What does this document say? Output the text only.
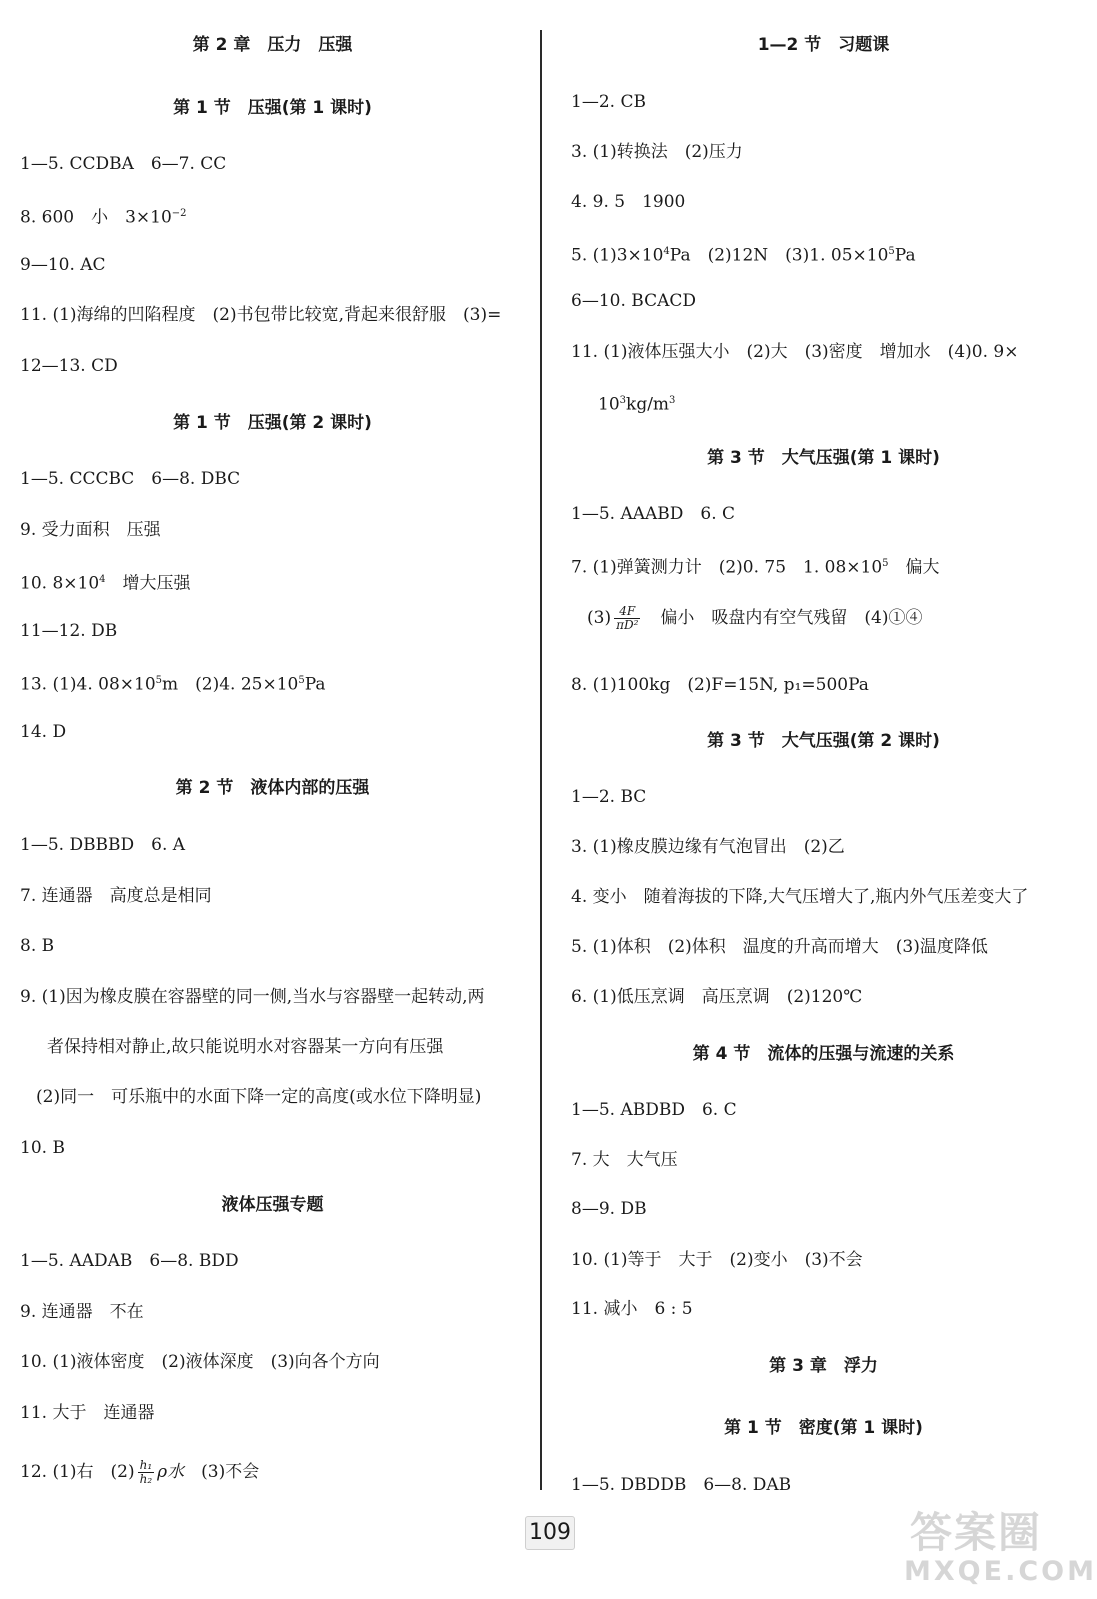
第 2 章　压力　压强
第 1 节　压强(第 1 课时)
1—5. CCDBA　6—7. CC
8. 600　小　$3\times 10^{-2}$
9—10. AC
11. (1)海绵的凹陷程度　(2)书包带比较宽,背起来很舒服　(3)=
12—13. CD
第 1 节　压强(第 2 课时)
1—5. CCCBC　6—8. DBC
9. 受力面积　压强
10. $8\times 10^4$　增大压强
11—12. DB
13. (1)4. $08\times 10^5m$　(2)4. $25\times 10^5Pa$
14. D
第 2 节　液体内部的压强
1—5. DBBBD　6. A
7. 连通器　高度总是相同
8. B
9. (1)因为橡皮膜在容器壁的同一侧,当水与容器壁一起转动,两
者保持相对静止,故只能说明水对容器某一方向有压强
(2)同一　可乐瓶中的水面下降一定的高度(或水位下降明显)
10. B
液体压强专题
1—5. AADAB　6—8. BDD
9. 连通器　不在
10. (1)液体密度　(2)液体深度　(3)向各个方向
11. 大于　连通器
12. (1)右　$(2) \frac{\text{h₁}}{\text{h₂}}$ ρ水　(3)不会
1—2 节　习题课
1—2. CB
3. (1)转换法　(2)压力
4. 9. 5　1900
5. $(1)3\times 10^4Pa$　(2)12N　(3)1. $05\times 10^5Pa$
6—10. BCACD
11. (1)液体压强大小　(2)大　(3)密度　增加水　(4)0. 9×
$10^3kg/m^3$
第 3 节　大气压强(第 1 课时)
1—5. AAABD　6. C
7. (1)弹簧测力计　(2)0. 75　1. $08\times 10^5$　偏大
$(3) \frac{4F}{\text{πD²}}$ 　偏小　吸盘内有空气残留　(4)①④
8. (1)100kg　(2)F=15N, p₁=500Pa
第 3 节　大气压强(第 2 课时)
1—2. BC
3. (1)橡皮膜边缘有气泡冒出　(2)乙
4. 变小　随着海拔的下降,大气压增大了,瓶内外气压差变大了
5. (1)体积　(2)体积　温度的升高而增大　(3)温度降低
6. (1)低压烹调　高压烹调　(2)120℃
第 4 节　流体的压强与流速的关系
1—5. ABDBD　6. C
7. 大　大气压
8—9. DB
10. (1)等于　大于　(2)变小　(3)不会
11. 减小　6 : 5
第 3 章　浮力
第 1 节　密度(第 1 课时)
1—5. DBDDB　6—8. DAB
109	答案圈
MXQE.COM
